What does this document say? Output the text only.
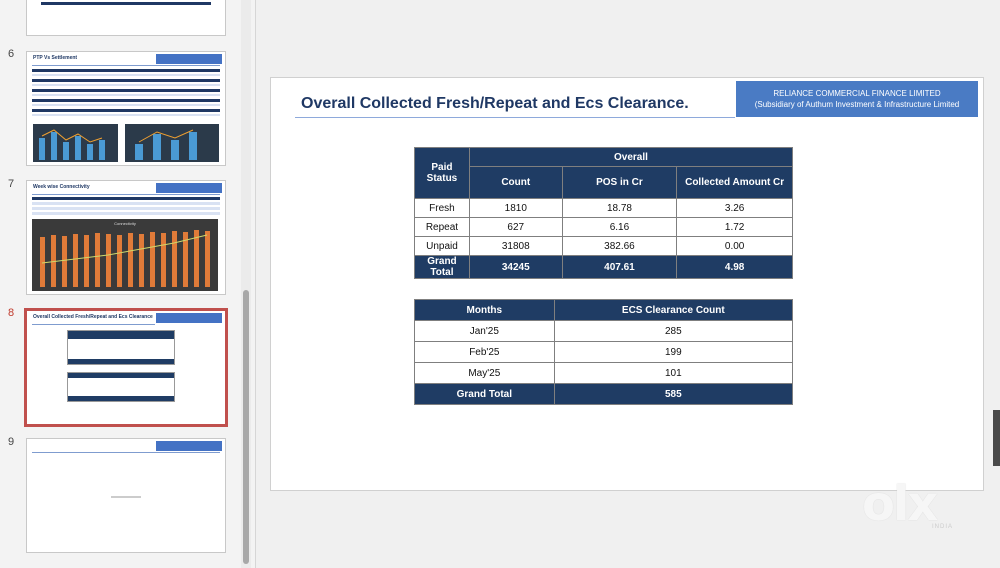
6	PTP Vs Settlement
7	Week wise Connectivity
Connectivity
8	Overall Collected Fresh/Repeat and Ecs Clearance
9
Overall Collected Fresh/Repeat and Ecs Clearance.
RELIANCE COMMERCIAL FINANCE LIMITED
(Subsidiary of Authum Investment & Infrastructure Limited
Paid Status	Overall		
	Count	POS in Cr	Collected Amount Cr
Fresh	1810	18.78	3.26
Repeat	627	6.16	1.72
Unpaid	31808	382.66	0.00
Grand Total	34245	407.61	4.98
Months	ECS Clearance Count
Jan'25	285
Feb'25	199
May'25	101
Grand Total	585
olx
INDIA
